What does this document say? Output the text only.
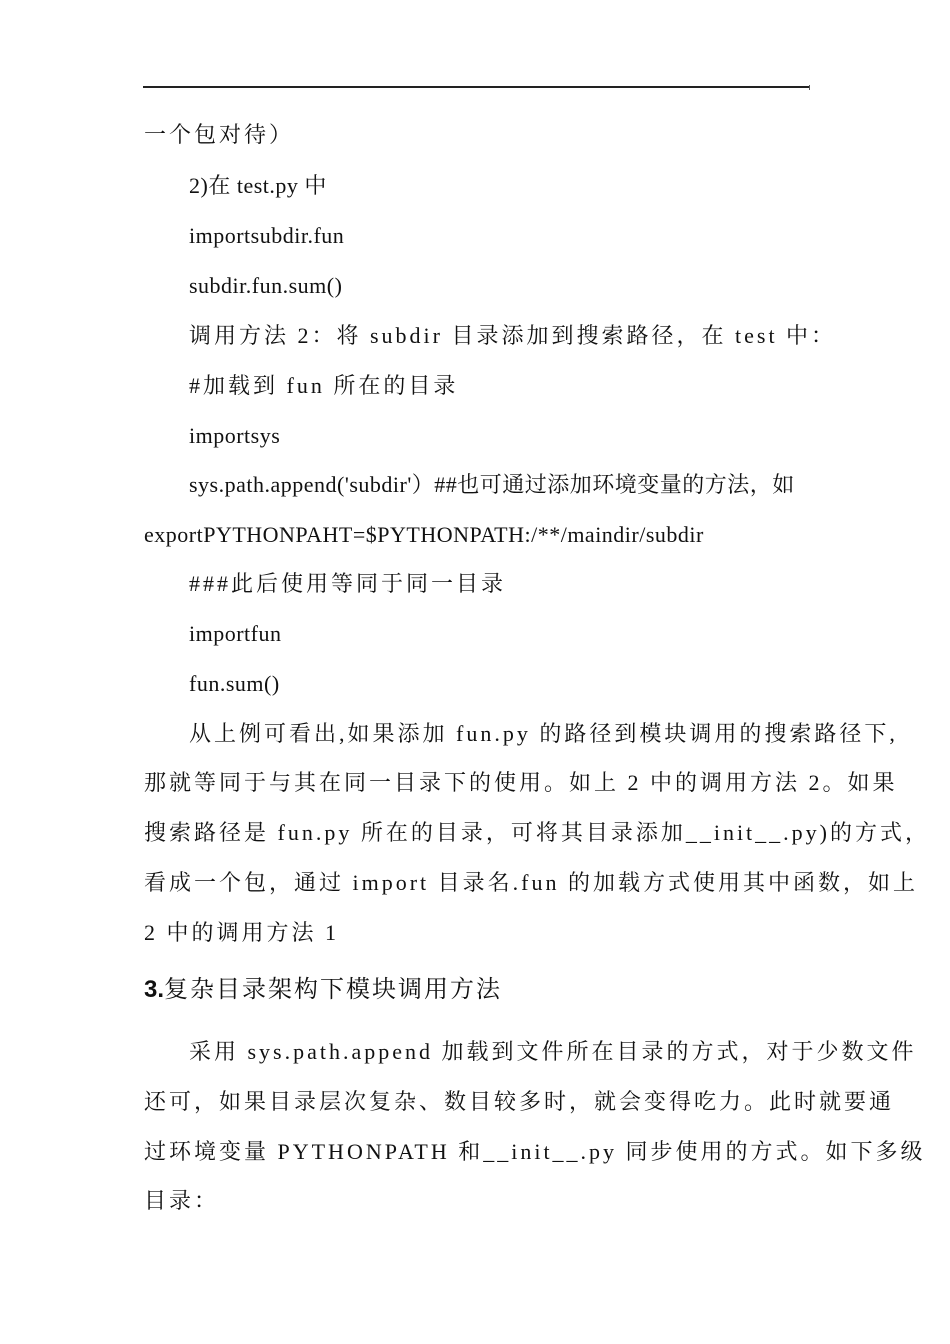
一个包对待）
2)在 test.py 中
importsubdir.fun
subdir.fun.sum()
调用方法 2：将 subdir 目录添加到搜索路径，在 test 中：
#加载到 fun 所在的目录
importsys
sys.path.append('subdir'）##也可通过添加环境变量的方法，如
exportPYTHONPAHT=$PYTHONPATH:/**/maindir/subdir
###此后使用等同于同一目录
importfun
fun.sum()
从上例可看出,如果添加 fun.py 的路径到模块调用的搜索路径下,
那就等同于与其在同一目录下的使用。如上 2 中的调用方法 2。如果
搜索路径是 fun.py 所在的目录，可将其目录添加__init__.py)的方式，
看成一个包，通过 import 目录名.fun 的加载方式使用其中函数，如上
2 中的调用方法 1
3.复杂目录架构下模块调用方法
采用 sys.path.append 加载到文件所在目录的方式，对于少数文件
还可，如果目录层次复杂、数目较多时，就会变得吃力。此时就要通
过环境变量 PYTHONPATH 和__init__.py 同步使用的方式。如下多级
目录：
